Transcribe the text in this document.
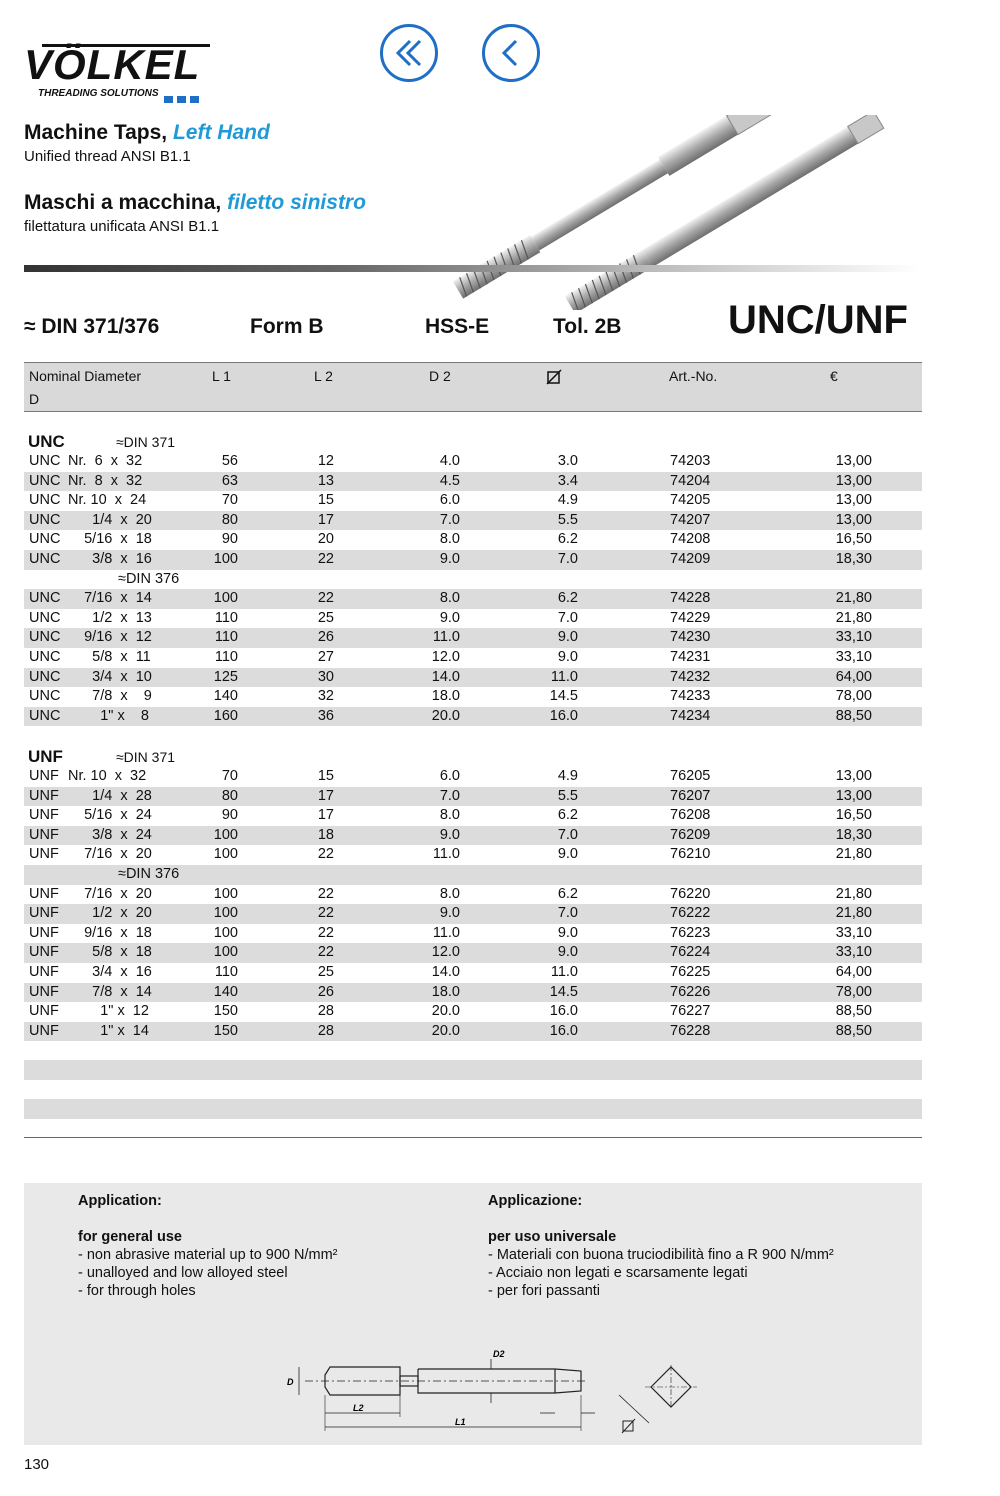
VÖLKEL
THREADING SOLUTIONS
Machine Taps, Left Hand
Unified thread ANSI B1.1
Maschi a macchina, filetto sinistro
filettatura unificata ANSI B1.1
≈ DIN 371/376	Form B	HSS-E	Tol. 2B	UNC/UNF
Nominal Diameter
D
L 1	L 2	D 2	Art.-No.	€
UNC	≈DIN 371
UNC Nr.  6  x  32	56	12	4.0	3.0	74203	13,00
UNC Nr.  8  x  32	63	13	4.5	3.4	74204	13,00
UNC Nr. 10  x  24	70	15	6.0	4.9	74205	13,00
UNC 1/4  x  20	80	17	7.0	5.5	74207	13,00
UNC 5/16  x  18	90	20	8.0	6.2	74208	16,50
UNC 3/8  x  16	100	22	9.0	7.0	74209	18,30
≈DIN 376
UNC 7/16  x  14	100	22	8.0	6.2	74228	21,80
UNC 1/2  x  13	110	25	9.0	7.0	74229	21,80
UNC 9/16  x  12	110	26	11.0	9.0	74230	33,10
UNC 5/8  x  11	110	27	12.0	9.0	74231	33,10
UNC 3/4  x  10	125	30	14.0	11.0	74232	64,00
UNC 7/8  x    9	140	32	18.0	14.5	74233	78,00
UNC 1" x    8	160	36	20.0	16.0	74234	88,50
UNF	≈DIN 371
UNF Nr. 10  x  32	70	15	6.0	4.9	76205	13,00
UNF 1/4  x  28	80	17	7.0	5.5	76207	13,00
UNF 5/16  x  24	90	17	8.0	6.2	76208	16,50
UNF 3/8  x  24	100	18	9.0	7.0	76209	18,30
UNF 7/16  x  20	100	22	11.0	9.0	76210	21,80
≈DIN 376
UNF 7/16  x  20	100	22	8.0	6.2	76220	21,80
UNF 1/2  x  20	100	22	9.0	7.0	76222	21,80
UNF 9/16  x  18	100	22	11.0	9.0	76223	33,10
UNF 5/8  x  18	100	22	12.0	9.0	76224	33,10
UNF 3/4  x  16	110	25	14.0	11.0	76225	64,00
UNF 7/8  x  14	140	26	18.0	14.5	76226	78,00
UNF 1" x  12	150	28	20.0	16.0	76227	88,50
UNF 1" x  14	150	28	20.0	16.0	76228	88,50
Application:
for general use
- non abrasive material up to 900 N/mm²
- unalloyed and low alloyed steel
- for through holes
Applicazione:
per uso universale
- Materiali con buona truciodibilità fino a R 900 N/mm²
- Acciaio non legati e scarsamente legati
- per fori passanti
D
L2
L1
D2
130
